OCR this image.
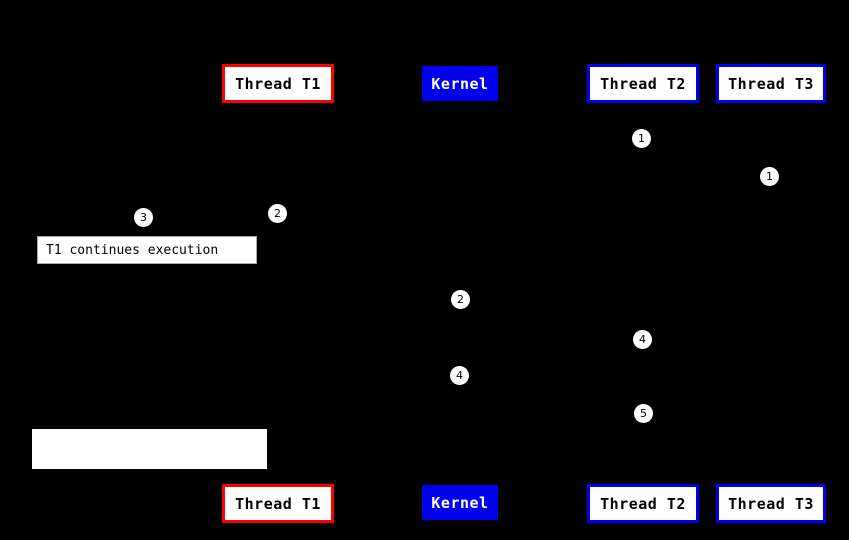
Thread T1	Kernel	Thread T2	Thread T3
Thread T1	Kernel	Thread T2	Thread T3
1
1
3	2
2
4
4
5
T1 continues execution
